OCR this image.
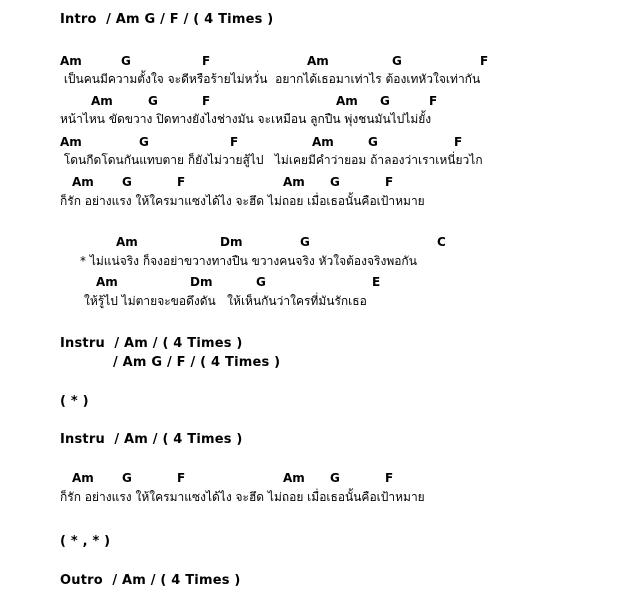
Intro  / Am G / F / ( 4 Times )
Am	G	F	Am	G	F
เป็นคนมีความตั้งใจ จะดีหรือร้ายไม่หวั่น  อยากได้เธอมาเท่าไร ต้องเทหัวใจเท่ากัน
Am	G	F	Am G	F
หน้าไหน ขัดขวาง ปิดทางยังไงช่างมัน จะเหมือน ลูกปืน พุ่งชนมันไปไม่ยั้ง
Am	G	F	Am	G	F
โดนกีดโดนกันแทบตาย ก็ยังไม่วายสู้ไป   ไม่เคยมีคำว่ายอม ถ้าลองว่าเราเหนี่ยวไก
Am G	F	Am G	F
ก็รัก อย่างแรง ให้ใครมาแซงได้ไง จะฮึด ไม่ถอย เมื่อเธอนั้นคือเป้าหมาย
Am	Dm	G	C
* ไม่แน่จริง ก็จงอย่าขวางทางปืน ขวางคนจริง หัวใจต้องจริงพอกัน
Am	Dm	G	E
ให้รู้ไป ไม่ตายจะขอดึงดัน   ให้เห็นกันว่าใครที่มันรักเธอ
Instru  / Am / ( 4 Times )
/ Am G / F / ( 4 Times )
( * )
Instru  / Am / ( 4 Times )
Am G	F	Am G	F
ก็รัก อย่างแรง ให้ใครมาแซงได้ไง จะฮึด ไม่ถอย เมื่อเธอนั้นคือเป้าหมาย
( * , * )
Outro  / Am / ( 4 Times )
